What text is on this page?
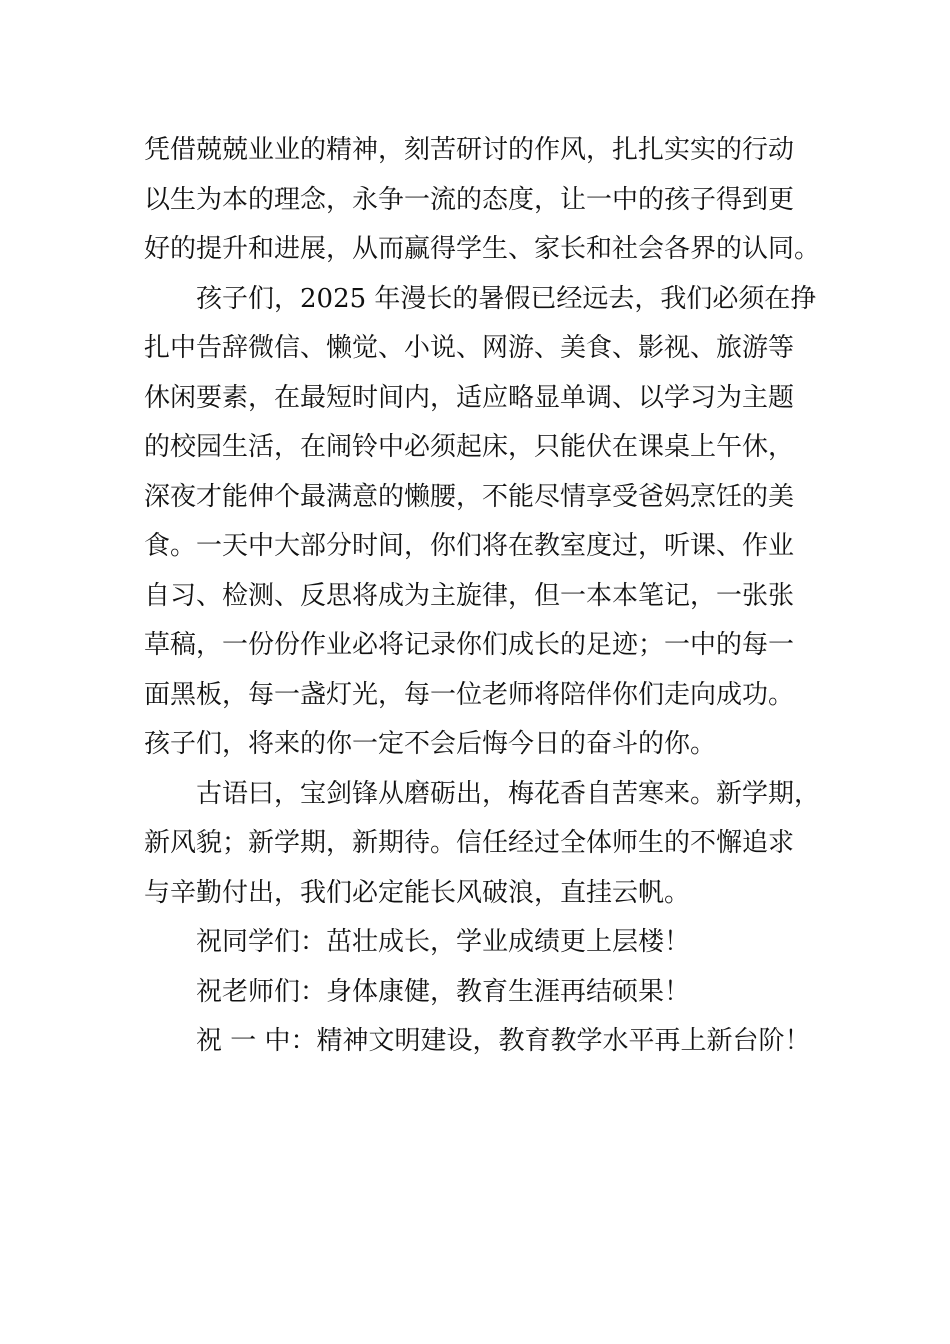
凭借兢兢业业的精神，刻苦研讨的作风，扎扎实实的行动
以生为本的理念，永争一流的态度，让一中的孩子得到更
好的提升和进展，从而赢得学生、家长和社会各界的认同。
孩子们，2025 年漫长的暑假已经远去，我们必须在挣
扎中告辞微信、懒觉、小说、网游、美食、影视、旅游等
休闲要素，在最短时间内，适应略显单调、以学习为主题
的校园生活，在闹铃中必须起床，只能伏在课桌上午休，
深夜才能伸个最满意的懒腰，不能尽情享受爸妈烹饪的美
食。一天中大部分时间，你们将在教室度过，听课、作业
自习、检测、反思将成为主旋律，但一本本笔记，一张张
草稿，一份份作业必将记录你们成长的足迹；一中的每一
面黑板，每一盏灯光，每一位老师将陪伴你们走向成功。
孩子们，将来的你一定不会后悔今日的奋斗的你。
古语曰，宝剑锋从磨砺出，梅花香自苦寒来。新学期，
新风貌；新学期，新期待。信任经过全体师生的不懈追求
与辛勤付出，我们必定能长风破浪，直挂云帆。
祝同学们：茁壮成长，学业成绩更上层楼！
祝老师们：身体康健，教育生涯再结硕果！
祝 一 中：精神文明建设，教育教学水平再上新台阶！
